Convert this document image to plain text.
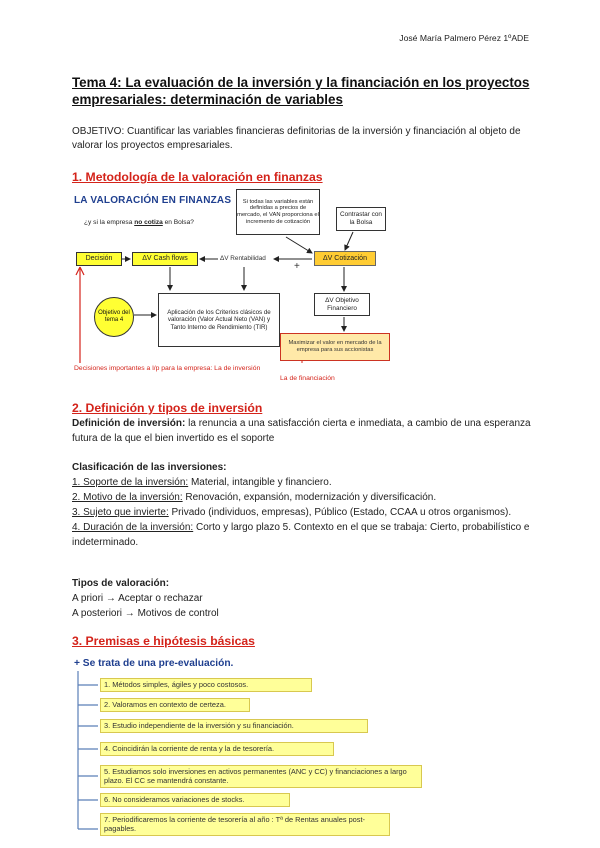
José María Palmero Pérez 1ºADE
Tema 4: La evaluación de la inversión y la financiación en los proyectos empresariales: determinación de variables
OBJETIVO: Cuantificar las variables financieras definitorias de la inversión y financiación al objeto de valorar los proyectos empresariales.
1. Metodología de la valoración en finanzas
LA VALORACIÓN EN FINANZAS
¿y si la empresa no cotiza en Bolsa?
Si todas las variables están definidas a precios de mercado, el VAN proporciona el incremento de cotización
Contrastar con la Bolsa
Decisión	ΔV Cash flows	ΔV Rentabilidad
+
ΔV Cotización
Objetivo del tema 4
Aplicación de los Criterios clásicos de valoración (Valor Actual Neto (VAN) y Tanto Interno de Rendimiento (TIR)
ΔV Objetivo Financiero
Maximizar el valor en mercado de la empresa para sus accionistas
Decisiones importantes a l/p para la empresa: La de inversión
La de financiación
2. Definición y tipos de inversión
Definición de inversión: la renuncia a una satisfacción cierta e inmediata, a cambio de una esperanza futura de la que el bien invertido es el soporte
Clasificación de las inversiones:
1. Soporte de la inversión: Material, intangible y financiero.
2. Motivo de la inversión: Renovación, expansión, modernización y diversificación.
3. Sujeto que invierte: Privado (individuos, empresas), Público (Estado, CCAA u otros organismos).
4. Duración de la inversión: Corto y largo plazo 5. Contexto en el que se trabaja: Cierto, probabilístico e indeterminado.
Tipos de valoración:
A priori → Aceptar o rechazar
A posteriori → Motivos de control
3. Premisas e hipótesis básicas
+ Se trata de una pre-evaluación.
1. Métodos simples, ágiles y poco costosos.
2. Valoramos en contexto de certeza.
3. Estudio independiente de la inversión y su financiación.
4. Coincidirán la corriente de renta y la de tesorería.
5. Estudiamos solo inversiones en activos permanentes (ANC y CC) y financiaciones a largo plazo. El CC se mantendrá constante.
6. No consideramos variaciones de stocks.
7. Periodificaremos la corriente de tesorería al año : Tª de Rentas anuales post-pagables.
